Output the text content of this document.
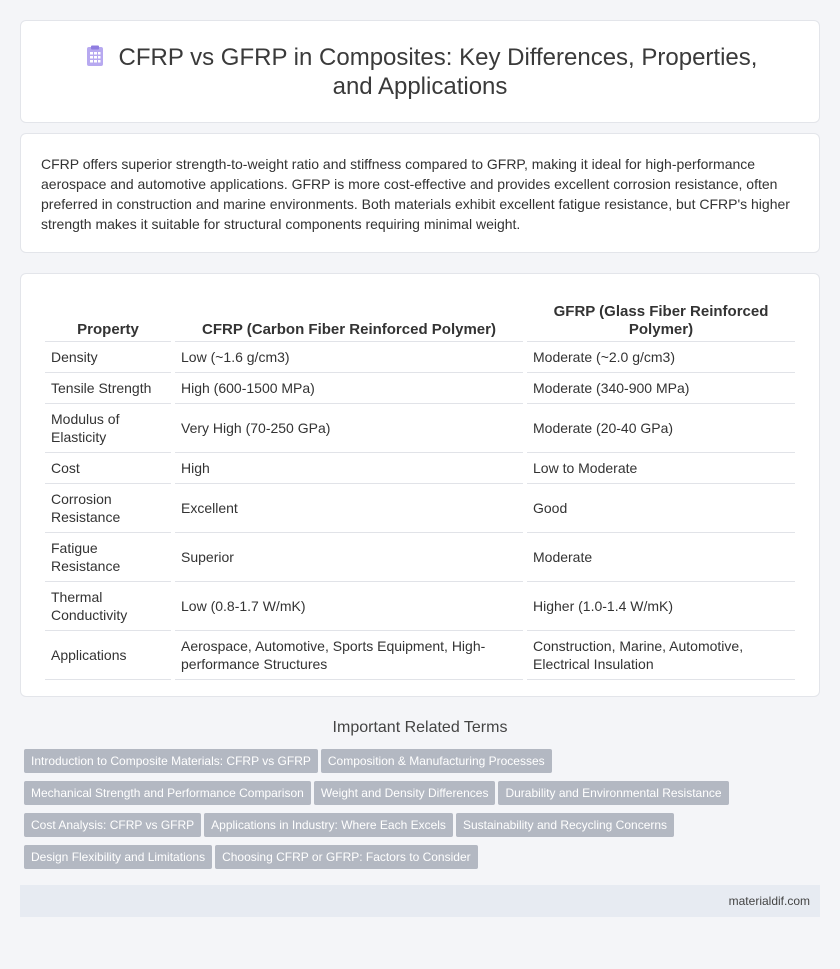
CFRP vs GFRP in Composites: Key Differences, Properties, and Applications

CFRP offers superior strength-to-weight ratio and stiffness compared to GFRP, making it ideal for high-performance aerospace and automotive applications. GFRP is more cost-effective and provides excellent corrosion resistance, often preferred in construction and marine environments. Both materials exhibit excellent fatigue resistance, but CFRP's higher strength makes it suitable for structural components requiring minimal weight.

Property	CFRP (Carbon Fiber Reinforced Polymer)	GFRP (Glass Fiber Reinforced Polymer)
Density	Low (~1.6 g/cm3)	Moderate (~2.0 g/cm3)
Tensile Strength	High (600-1500 MPa)	Moderate (340-900 MPa)
Modulus of Elasticity	Very High (70-250 GPa)	Moderate (20-40 GPa)
Cost	High	Low to Moderate
Corrosion Resistance	Excellent	Good
Fatigue Resistance	Superior	Moderate
Thermal Conductivity	Low (0.8-1.7 W/mK)	Higher (1.0-1.4 W/mK)
Applications	Aerospace, Automotive, Sports Equipment, High-performance Structures	Construction, Marine, Automotive, Electrical Insulation
Important Related Terms
Introduction to Composite Materials: CFRP vs GFRP Composition & Manufacturing Processes
Mechanical Strength and Performance Comparison Weight and Density Differences Durability and Environmental Resistance
Cost Analysis: CFRP vs GFRP Applications in Industry: Where Each Excels Sustainability and Recycling Concerns
Design Flexibility and Limitations Choosing CFRP or GFRP: Factors to Consider
materialdif.com
